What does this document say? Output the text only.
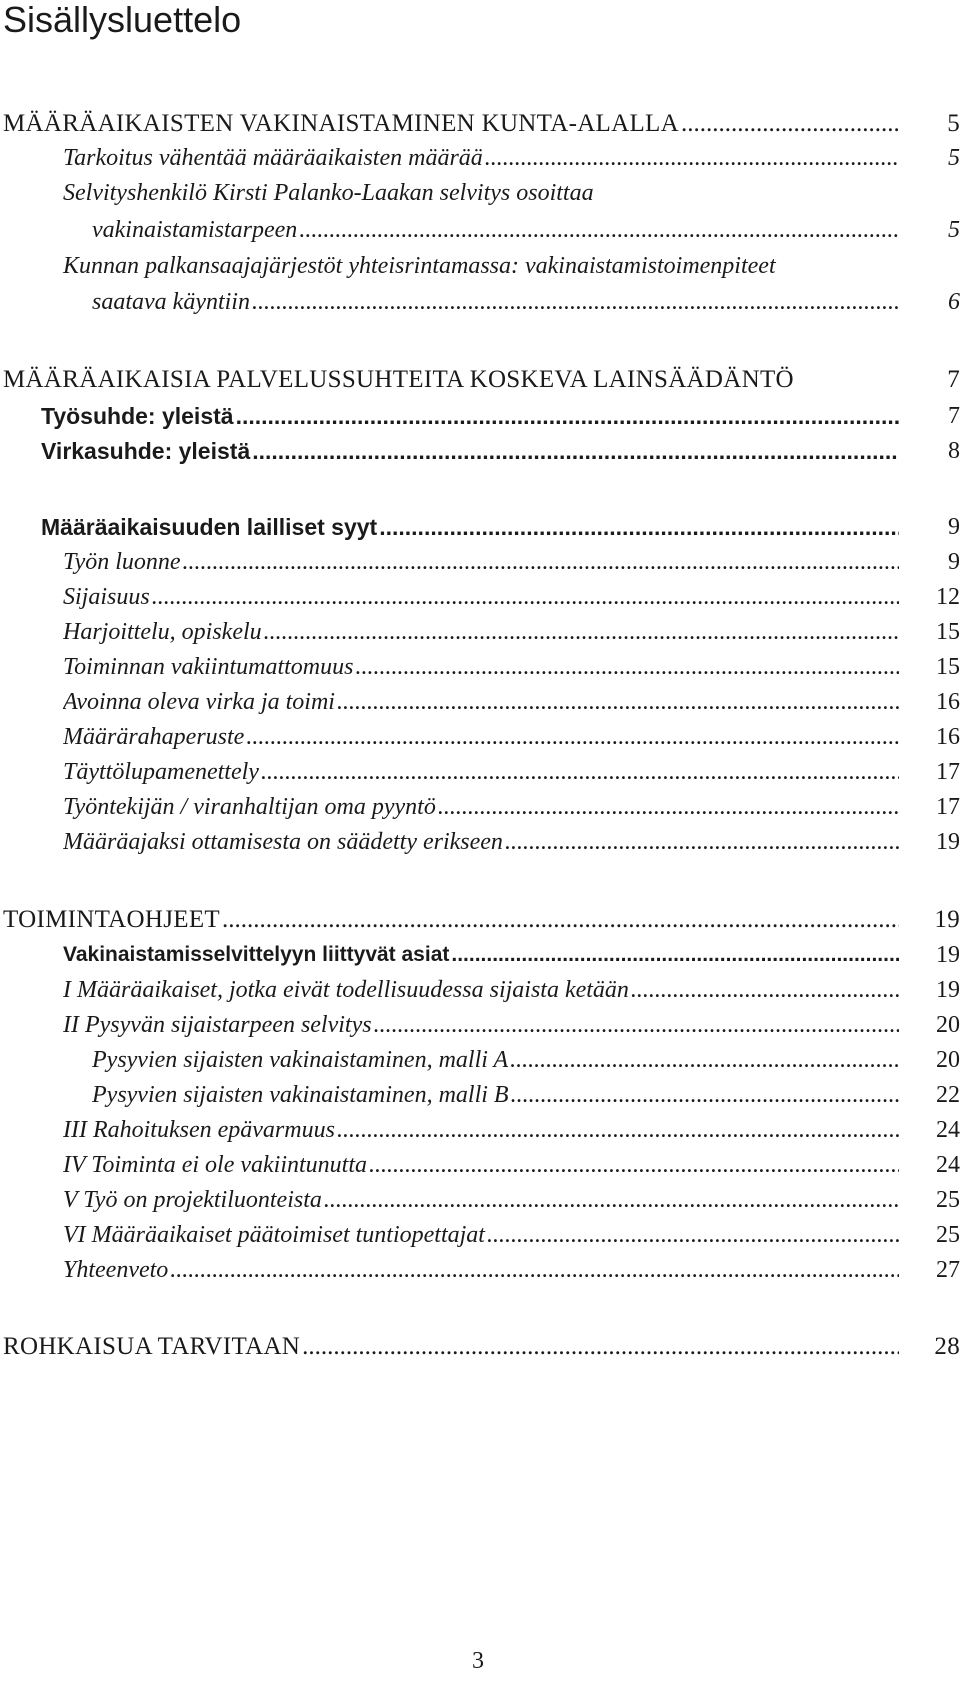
Sisällysluettelo
MÄÄRÄAIKAISTEN VAKINAISTAMINEN KUNTA-ALALLA .....	5
Tarkoitus vähentää määräaikaisten määrää .....	5
Selvityshenkilö Kirsti Palanko-Laakan selvitys osoittaa
vakinaistamistarpeen .....	5
Kunnan palkansaajajärjestöt yhteisrintamassa: vakinaistamistoimenpiteet
saatava käyntiin .....	6
MÄÄRÄAIKAISIA PALVELUSSUHTEITA KOSKEVA LAINSÄÄDÄNTÖ	7
Työsuhde: yleistä .....	7
Virkasuhde: yleistä .....	8
Määräaikaisuuden lailliset syyt .....	9
Työn luonne .....	9
Sijaisuus .....	12
Harjoittelu, opiskelu .....	15
Toiminnan vakiintumattomuus .....	15
Avoinna oleva virka ja toimi .....	16
Määrärahaperuste .....	16
Täyttölupamenettely .....	17
Työntekijän / viranhaltijan oma pyyntö .....	17
Määräajaksi ottamisesta on säädetty erikseen .....	19
TOIMINTAOHJEET .....	19
Vakinaistamisselvittelyyn liittyvät asiat .....	19
I Määräaikaiset, jotka eivät todellisuudessa sijaista ketään .....	19
II Pysyvän sijaistarpeen selvitys .....	20
Pysyvien sijaisten vakinaistaminen, malli A .....	20
Pysyvien sijaisten vakinaistaminen, malli B .....	22
III Rahoituksen epävarmuus .....	24
IV Toiminta ei ole vakiintunutta .....	24
V Työ on projektiluonteista .....	25
VI Määräaikaiset päätoimiset tuntiopettajat .....	25
Yhteenveto .....	27
ROHKAISUA TARVITAAN .....	28
3
